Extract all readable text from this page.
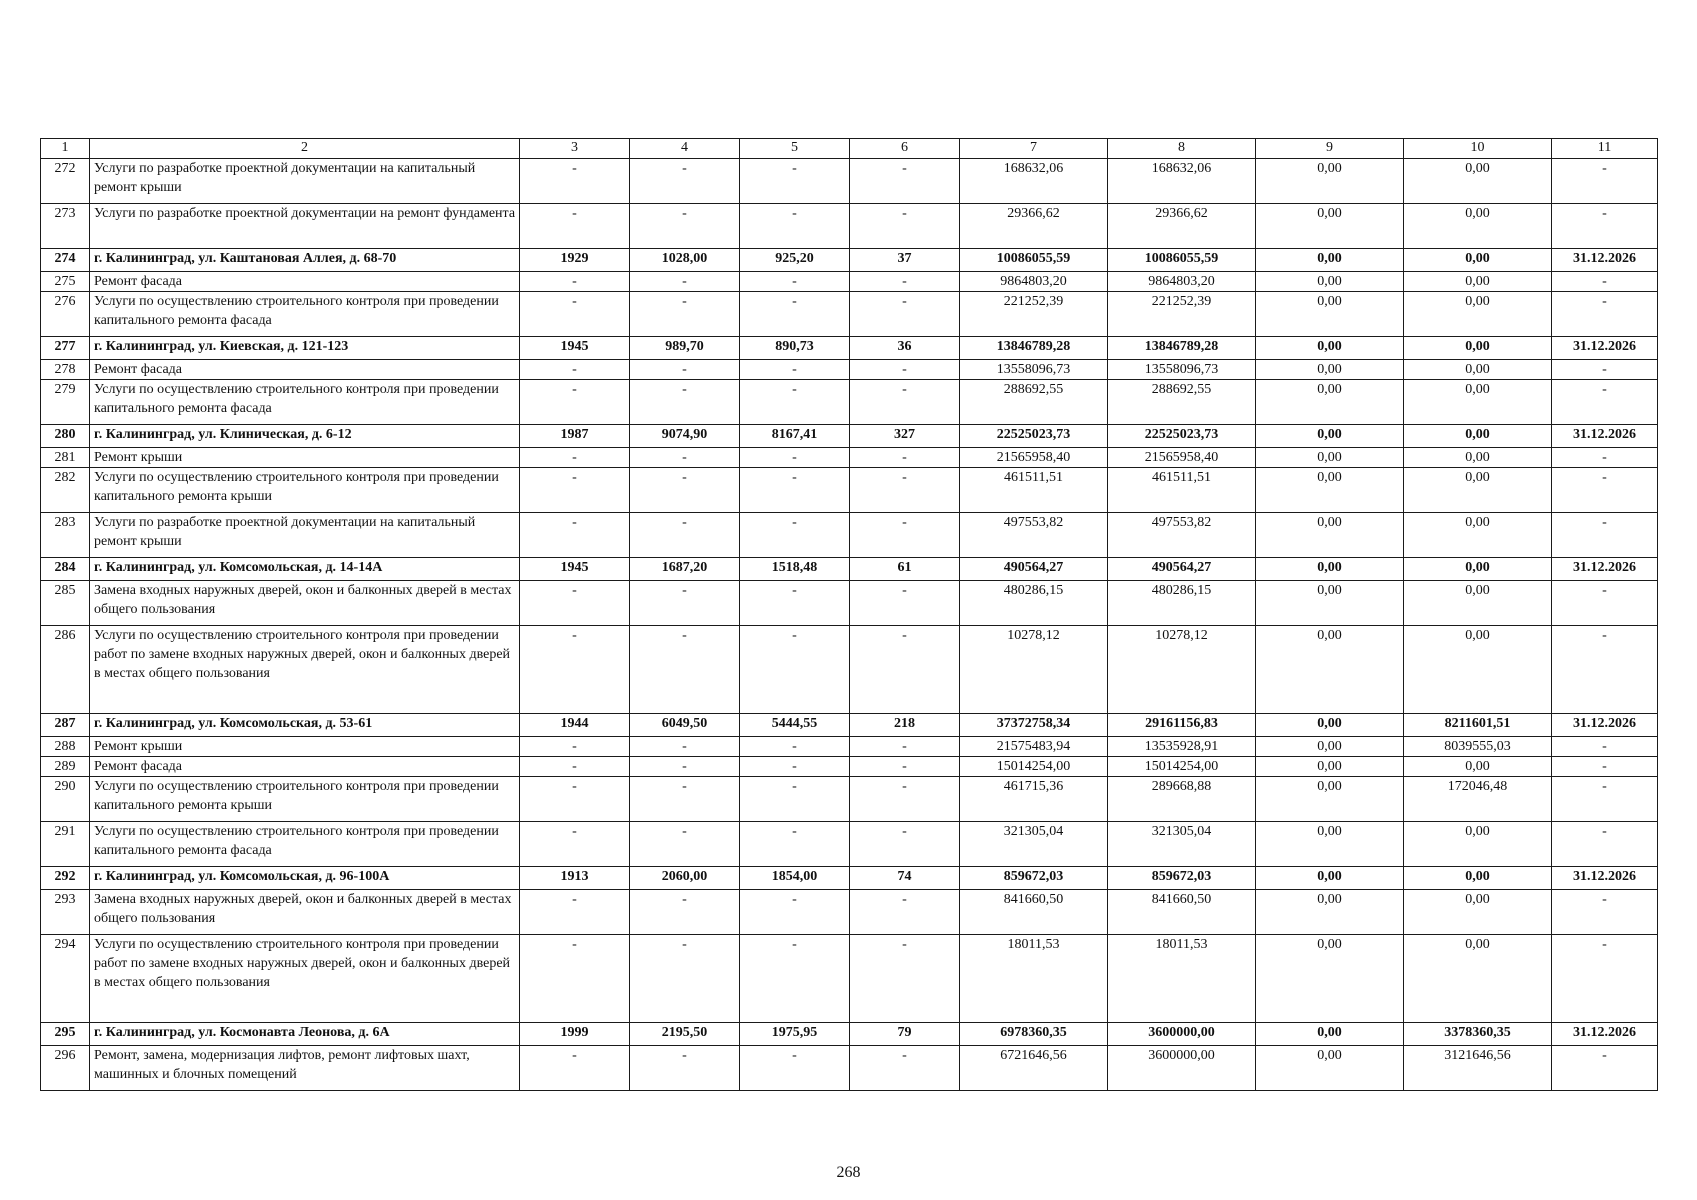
1	2	3	4	5	6	7	8	9	10	11
272	Услуги по разработке проектной документации на капитальный ремонт крыши	-	-	-	-	168632,06	168632,06	0,00	0,00	-
273	Услуги по разработке проектной документации на ремонт фундамента	-	-	-	-	29366,62	29366,62	0,00	0,00	-
274	г. Калининград, ул. Каштановая Аллея, д. 68-70	1929	1028,00	925,20	37	10086055,59	10086055,59	0,00	0,00	31.12.2026
275	Ремонт фасада	-	-	-	-	9864803,20	9864803,20	0,00	0,00	-
276	Услуги по осуществлению строительного контроля при проведении капитального ремонта фасада	-	-	-	-	221252,39	221252,39	0,00	0,00	-
277	г. Калининград, ул. Киевская, д. 121-123	1945	989,70	890,73	36	13846789,28	13846789,28	0,00	0,00	31.12.2026
278	Ремонт фасада	-	-	-	-	13558096,73	13558096,73	0,00	0,00	-
279	Услуги по осуществлению строительного контроля при проведении капитального ремонта фасада	-	-	-	-	288692,55	288692,55	0,00	0,00	-
280	г. Калининград, ул. Клиническая, д. 6-12	1987	9074,90	8167,41	327	22525023,73	22525023,73	0,00	0,00	31.12.2026
281	Ремонт крыши	-	-	-	-	21565958,40	21565958,40	0,00	0,00	-
282	Услуги по осуществлению строительного контроля при проведении капитального ремонта крыши	-	-	-	-	461511,51	461511,51	0,00	0,00	-
283	Услуги по разработке проектной документации на капитальный ремонт крыши	-	-	-	-	497553,82	497553,82	0,00	0,00	-
284	г. Калининград, ул. Комсомольская, д. 14-14А	1945	1687,20	1518,48	61	490564,27	490564,27	0,00	0,00	31.12.2026
285	Замена входных наружных дверей, окон и балконных дверей в местах общего пользования	-	-	-	-	480286,15	480286,15	0,00	0,00	-
286	Услуги по осуществлению строительного контроля при проведении работ по замене входных наружных дверей, окон и балконных дверей в местах общего пользования	-	-	-	-	10278,12	10278,12	0,00	0,00	-
287	г. Калининград, ул. Комсомольская, д. 53-61	1944	6049,50	5444,55	218	37372758,34	29161156,83	0,00	8211601,51	31.12.2026
288	Ремонт крыши	-	-	-	-	21575483,94	13535928,91	0,00	8039555,03	-
289	Ремонт фасада	-	-	-	-	15014254,00	15014254,00	0,00	0,00	-
290	Услуги по осуществлению строительного контроля при проведении капитального ремонта крыши	-	-	-	-	461715,36	289668,88	0,00	172046,48	-
291	Услуги по осуществлению строительного контроля при проведении капитального ремонта фасада	-	-	-	-	321305,04	321305,04	0,00	0,00	-
292	г. Калининград, ул. Комсомольская, д. 96-100А	1913	2060,00	1854,00	74	859672,03	859672,03	0,00	0,00	31.12.2026
293	Замена входных наружных дверей, окон и балконных дверей в местах общего пользования	-	-	-	-	841660,50	841660,50	0,00	0,00	-
294	Услуги по осуществлению строительного контроля при проведении работ по замене входных наружных дверей, окон и балконных дверей в местах общего пользования	-	-	-	-	18011,53	18011,53	0,00	0,00	-
295	г. Калининград, ул. Космонавта Леонова, д. 6А	1999	2195,50	1975,95	79	6978360,35	3600000,00	0,00	3378360,35	31.12.2026
296	Ремонт, замена, модернизация лифтов, ремонт лифтовых шахт, машинных и блочных помещений	-	-	-	-	6721646,56	3600000,00	0,00	3121646,56	-
268
